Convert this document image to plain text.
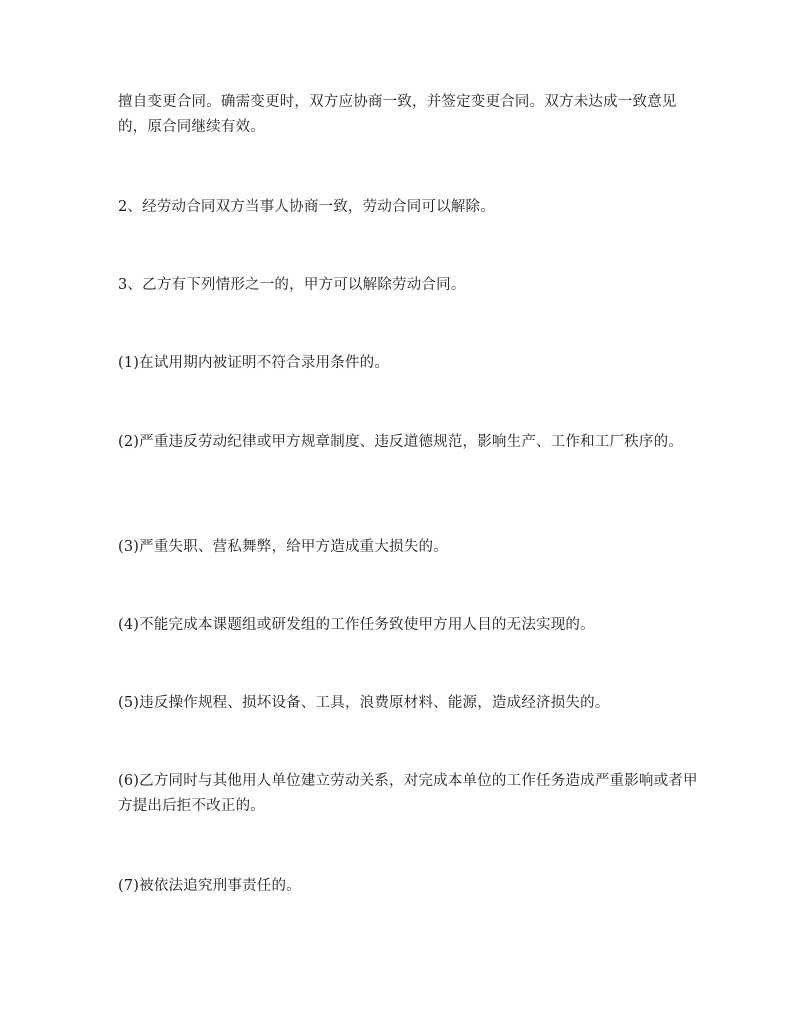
擅自变更合同。确需变更时，双方应协商一致，并签定变更合同。双方未达成一致意见的，原合同继续有效。

2、经劳动合同双方当事人协商一致，劳动合同可以解除。

3、乙方有下列情形之一的，甲方可以解除劳动合同。

(1)在试用期内被证明不符合录用条件的。

(2)严重违反劳动纪律或甲方规章制度、违反道德规范，影响生产、工作和工厂秩序的。

(3)严重失职、营私舞弊，给甲方造成重大损失的。

(4)不能完成本课题组或研发组的工作任务致使甲方用人目的无法实现的。

(5)违反操作规程、损坏设备、工具，浪费原材料、能源，造成经济损失的。

(6)乙方同时与其他用人单位建立劳动关系，对完成本单位的工作任务造成严重影响或者甲方提出后拒不改正的。

(7)被依法追究刑事责任的。
